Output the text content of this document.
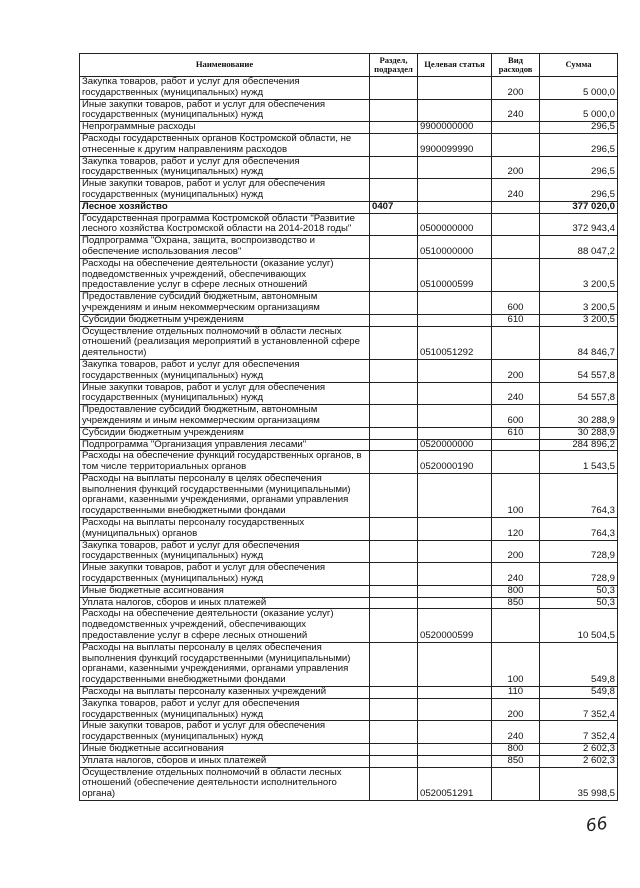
Наименование	Раздел, подраздел	Целевая статья	Вид расходов	Сумма
Закупка товаров, работ и услуг для обеспечения государственных (муниципальных) нужд			200	5 000,0
Иные закупки товаров, работ и услуг для обеспечения государственных (муниципальных) нужд			240	5 000,0
Непрограммные расходы		9900000000		296,5
Расходы государственных органов Костромской области, не отнесенные к другим направлениям расходов		9900099990		296,5
Закупка товаров, работ и услуг для обеспечения государственных (муниципальных) нужд			200	296,5
Иные закупки товаров, работ и услуг для обеспечения государственных (муниципальных) нужд			240	296,5
Лесное хозяйство	0407			377 020,0
Государственная программа Костромской области "Развитие лесного хозяйства Костромской области на 2014-2018 годы"		0500000000		372 943,4
Подпрограмма "Охрана, защита, воспроизводство и обеспечение использования лесов"		0510000000		88 047,2
Расходы на обеспечение деятельности (оказание услуг) подведомственных учреждений, обеспечивающих предоставление услуг в сфере лесных отношений		0510000599		3 200,5
Предоставление субсидий бюджетным, автономным учреждениям и иным некоммерческим организациям			600	3 200,5
Субсидии бюджетным учреждениям			610	3 200,5
Осуществление отдельных полномочий в области лесных отношений (реализация мероприятий в установленной сфере деятельности)		0510051292		84 846,7
Закупка товаров, работ и услуг для обеспечения государственных (муниципальных) нужд			200	54 557,8
Иные закупки товаров, работ и услуг для обеспечения государственных (муниципальных) нужд			240	54 557,8
Предоставление субсидий бюджетным, автономным учреждениям и иным некоммерческим организациям			600	30 288,9
Субсидии бюджетным учреждениям			610	30 288,9
Подпрограмма "Организация управления лесами"		0520000000		284 896,2
Расходы на обеспечение функций государственных органов, в том числе территориальных органов		0520000190		1 543,5
Расходы на выплаты персоналу в целях обеспечения выполнения функций государственными (муниципальными) органами, казенными учреждениями, органами управления государственными внебюджетными фондами			100	764,3
Расходы на выплаты персоналу государственных (муниципальных) органов			120	764,3
Закупка товаров, работ и услуг для обеспечения государственных (муниципальных) нужд			200	728,9
Иные закупки товаров, работ и услуг для обеспечения государственных (муниципальных) нужд			240	728,9
Иные бюджетные ассигнования			800	50,3
Уплата налогов, сборов и иных платежей			850	50,3
Расходы на обеспечение деятельности (оказание услуг) подведомственных учреждений, обеспечивающих предоставление услуг в сфере лесных отношений		0520000599		10 504,5
Расходы на выплаты персоналу в целях обеспечения выполнения функций государственными (муниципальными) органами, казенными учреждениями, органами управления государственными внебюджетными фондами			100	549,8
Расходы на выплаты персоналу казенных учреждений			110	549,8
Закупка товаров, работ и услуг для обеспечения государственных (муниципальных) нужд			200	7 352,4
Иные закупки товаров, работ и услуг для обеспечения государственных (муниципальных) нужд			240	7 352,4
Иные бюджетные ассигнования			800	2 602,3
Уплата налогов, сборов и иных платежей			850	2 602,3
Осуществление отдельных полномочий в области лесных отношений (обеспечение деятельности исполнительного органа)		0520051291		35 998,5
66
